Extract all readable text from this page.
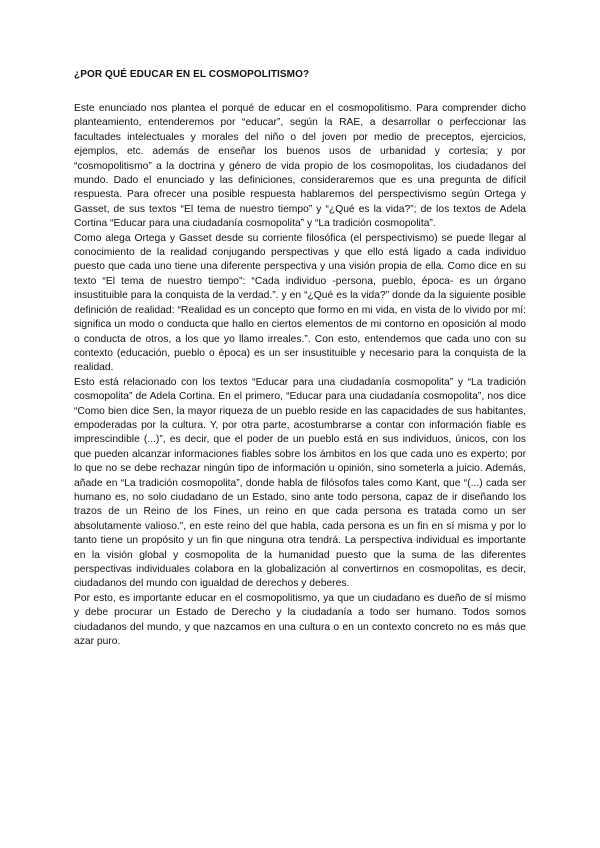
¿POR QUÉ EDUCAR EN EL COSMOPOLITISMO?

Este enunciado nos plantea el porqué de educar en el cosmopolitismo. Para comprender dicho planteamiento, entenderemos por “educar”, según la RAE, a desarrollar o perfeccionar las facultades intelectuales y morales del niño o del joven por medio de preceptos, ejercicios, ejemplos, etc. además de enseñar los buenos usos de urbanidad y cortesía; y por “cosmopolitismo” a la doctrina y género de vida propio de los cosmopolitas, los ciudadanos del mundo. Dado el enunciado y las definiciones, consideraremos que es una pregunta de difícil respuesta. Para ofrecer una posible respuesta hablaremos del perspectivismo según Ortega y Gasset, de sus textos “El tema de nuestro tiempo” y “¿Qué es la vida?”; de los textos de Adela Cortina “Educar para una ciudadanía cosmopolita” y “La tradición cosmopolita”.

Como alega Ortega y Gasset desde su corriente filosófica (el perspectivismo) se puede llegar al conocimiento de la realidad conjugando perspectivas y que ello está ligado a cada individuo puesto que cada uno tiene una diferente perspectiva y una visión propia de ella. Como dice en su texto “El tema de nuestro tiempo”: “Cada individuo -persona, pueblo, época- es un órgano insustituible para la conquista de la verdad.”. y en “¿Qué es la vida?” donde da la siguiente posible definición de realidad: “Realidad es un concepto que formo en mi vida, en vista de lo vivido por mí: significa un modo o conducta que hallo en ciertos elementos de mi contorno en oposición al modo o conducta de otros, a los que yo llamo irreales.”. Con esto, entendemos que cada uno con su contexto (educación, pueblo o época) es un ser insustituible y necesario para la conquista de la realidad.

Esto está relacionado con los textos “Educar para una ciudadanía cosmopolita” y “La tradición cosmopolita” de Adela Cortina. En el primero, “Educar para una ciudadanía cosmopolita”, nos dice “Como bien dice Sen, la mayor riqueza de un pueblo reside en las capacidades de sus habitantes, empoderadas por la cultura. Y, por otra parte, acostumbrarse a contar con información fiable es imprescindible (...)”, es decir, que el poder de un pueblo está en sus individuos, únicos, con los que pueden alcanzar informaciones fiables sobre los ámbitos en los que cada uno es experto; por lo que no se debe rechazar ningún tipo de información u opinión, sino someterla a juicio. Además, añade en “La tradición cosmopolita”, donde habla de filósofos tales como Kant, que “(...) cada ser humano es, no solo ciudadano de un Estado, sino ante todo persona, capaz de ir diseñando los trazos de un Reino de los Fines, un reino en que cada persona es tratada como un ser absolutamente valioso.”, en este reino del que habla, cada persona es un fin en sí misma y por lo tanto tiene un propósito y un fin que ninguna otra tendrá. La perspectiva individual es importante en la visión global y cosmopolita de la humanidad puesto que la suma de las diferentes perspectivas individuales colabora en la globalización al convertirnos en cosmopolitas, es decir, ciudadanos del mundo con igualdad de derechos y deberes.

Por esto, es importante educar en el cosmopolitismo, ya que un ciudadano es dueño de sí mismo y debe procurar un Estado de Derecho y la ciudadanía a todo ser humano. Todos somos ciudadanos del mundo, y que nazcamos en una cultura o en un contexto concreto no es más que azar puro.
